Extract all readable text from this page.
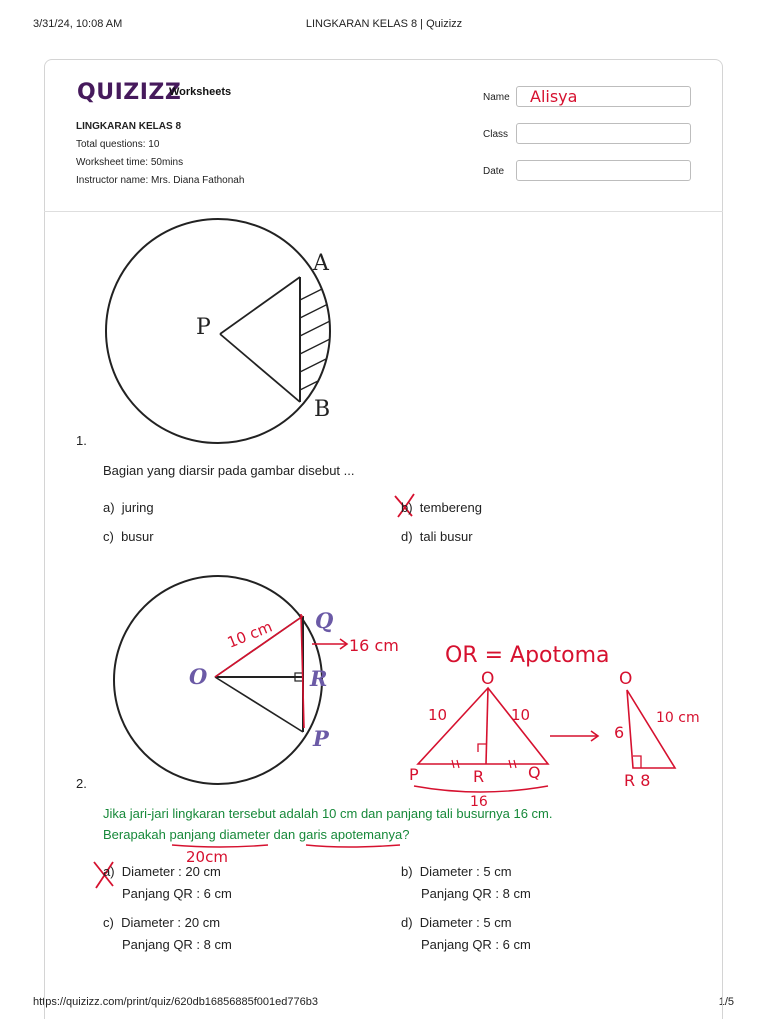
3/31/24, 10:08 AM	LINGKARAN KELAS 8 | Quizizz
https://quizizz.com/print/quiz/620db16856885f001ed776b3	1/5
QUIZIZZ
Worksheets
LINGKARAN KELAS 8
Total questions: 10
Worksheet time: 50mins
Instructor name: Mrs. Diana Fathonah
Name Alisya
Class
Date
P
A
B
O
Q
R
P
10 cm	16 cm OR = Apotoma
O
10	10
P	R	Q
16
O
6
10 cm
R 8
20cm
1.
Bagian yang diarsir pada gambar disebut ...
a) juring	b) tembereng
c) busur	d) tali busur
2.
Jika jari-jari lingkaran tersebut adalah 10 cm dan panjang tali busurnya 16 cm.
Berapakah panjang diameter dan garis apotemanya?
a) Diameter : 20 cm
Panjang QR : 6 cm
b) Diameter : 5 cm
Panjang QR : 8 cm
c) Diameter : 20 cm
Panjang QR : 8 cm
d) Diameter : 5 cm
Panjang QR : 6 cm
